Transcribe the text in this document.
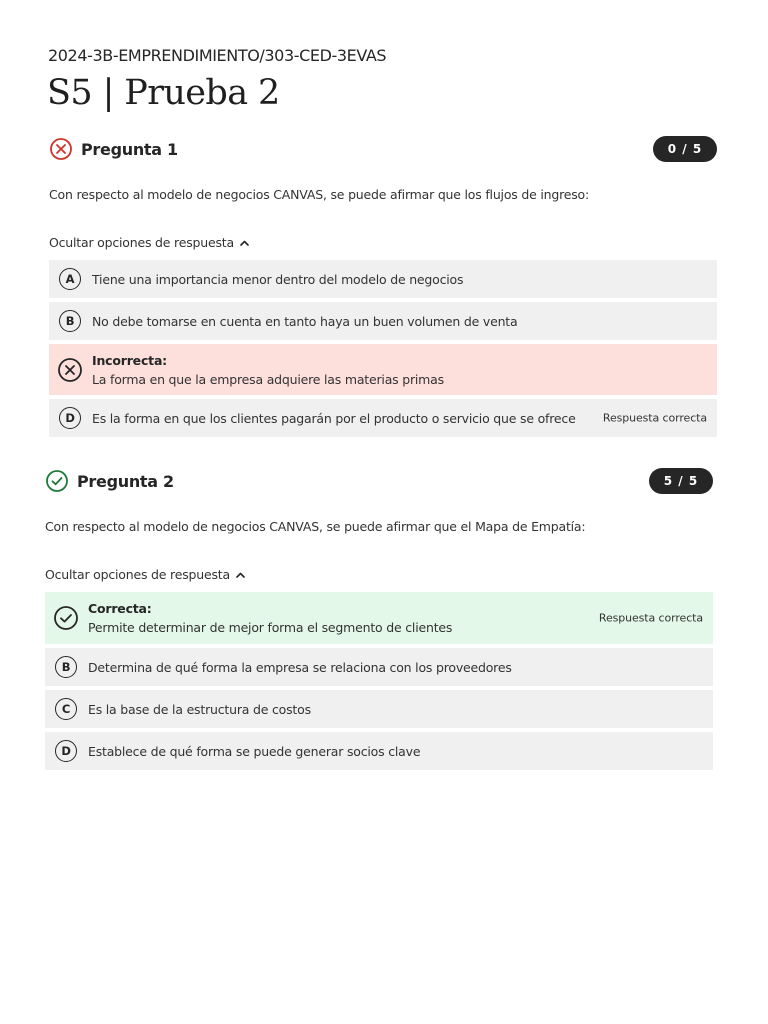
2024-3B-EMPRENDIMIENTO/303-CED-3EVAS
S5 | Prueba 2
Pregunta 1	0 / 5

Con respecto al modelo de negocios CANVAS, se puede afirmar que los flujos de ingreso:

Ocultar opciones de respuesta
A	Tiene una importancia menor dentro del modelo de negocios
B	No debe tomarse en cuenta en tanto haya un buen volumen de venta
Incorrecta:
La forma en que la empresa adquiere las materias primas
D	Es la forma en que los clientes pagarán por el producto o servicio que se ofrece Respuesta correcta
Pregunta 2	5 / 5

Con respecto al modelo de negocios CANVAS, se puede afirmar que el Mapa de Empatía:

Ocultar opciones de respuesta
Correcta:
Permite determinar de mejor forma el segmento de clientes
Respuesta correcta
B	Determina de qué forma la empresa se relaciona con los proveedores
C	Es la base de la estructura de costos
D	Establece de qué forma se puede generar socios clave
